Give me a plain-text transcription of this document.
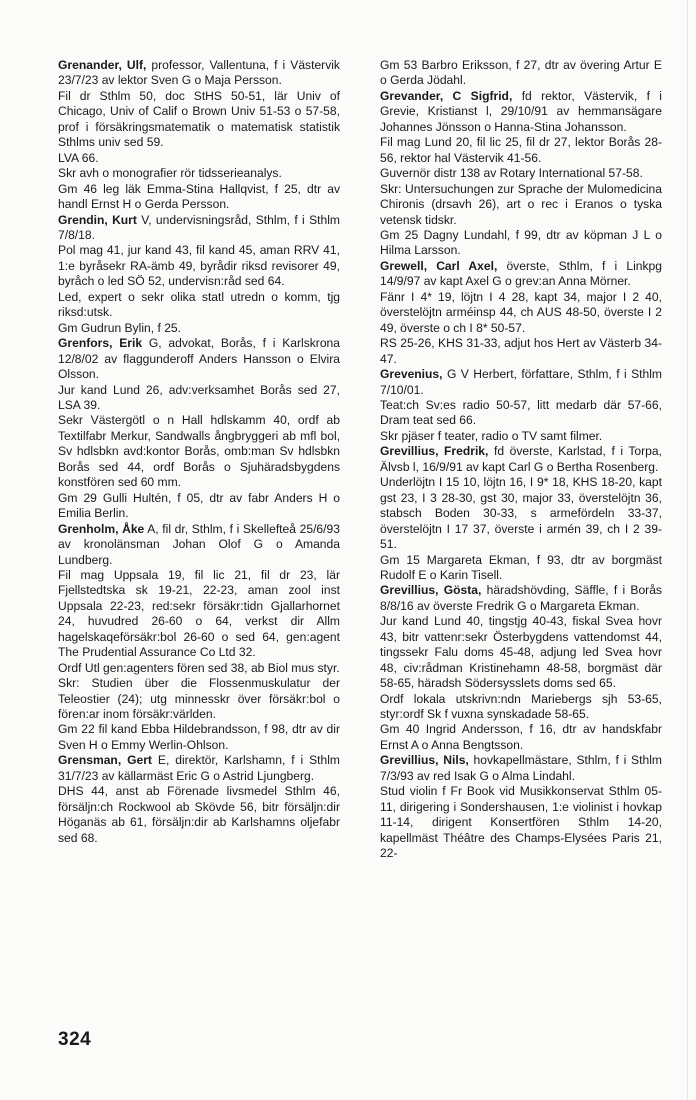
Grenander, Ulf, professor, Vallentuna, f i Västervik 23/7/23 av lektor Sven G o Maja Persson.

Fil dr Sthlm 50, doc StHS 50-51, lär Univ of Chicago, Univ of Calif o Brown Univ 51-53 o 57-58, prof i försäkringsmatematik o matematisk statistik Sthlms univ sed 59.

LVA 66.

Skr avh o monografier rör tidsserieanalys.

Gm 46 leg läk Emma-Stina Hallqvist, f 25, dtr av handl Ernst H o Gerda Persson.

Grendin, Kurt V, undervisningsråd, Sthlm, f i Sthlm 7/8/18.

Pol mag 41, jur kand 43, fil kand 45, aman RRV 41, 1:e byråsekr RA-ämb 49, byrådir riksd revisorer 49, byråch o led SÖ 52, undervisn:råd sed 64.

Led, expert o sekr olika statl utredn o komm, tjg riksd:utsk.

Gm Gudrun Bylin, f 25.

Grenfors, Erik G, advokat, Borås, f i Karlskrona 12/8/02 av flaggunderoff Anders Hansson o Elvira Olsson.

Jur kand Lund 26, adv:verksamhet Borås sed 27, LSA 39.

Sekr Västergötl o n Hall hdlskamm 40, ordf ab Textilfabr Merkur, Sandwalls ångbryggeri ab mfl bol, Sv hdlsbkn avd:kontor Borås, omb:man Sv hdlsbkn Borås sed 44, ordf Borås o Sjuhäradsbygdens konstfören sed 60 mm.

Gm 29 Gulli Hultén, f 05, dtr av fabr Anders H o Emilia Berlin.

Grenholm, Åke A, fil dr, Sthlm, f i Skellefteå 25/6/93 av kronolänsman Johan Olof G o Amanda Lundberg.

Fil mag Uppsala 19, fil lic 21, fil dr 23, lär Fjellstedtska sk 19-21, 22-23, aman zool inst Uppsala 22-23, red:sekr försäkr:tidn Gjallarhornet 24, huvudred 26-60 o 64, verkst dir Allm hagelskaqeförsäkr:bol 26-60 o sed 64, gen:agent The Prudential Assurance Co Ltd 32.

Ordf Utl gen:agenters fören sed 38, ab Biol mus styr.

Skr: Studien über die Flossenmuskulatur der Teleostier (24); utg minnesskr över försäkr:bol o fören:ar inom försäkr:världen.

Gm 22 fil kand Ebba Hildebrandsson, f 98, dtr av dir Sven H o Emmy Werlin-Ohlson.

Grensman, Gert E, direktör, Karlshamn, f i Sthlm 31/7/23 av källarmäst Eric G o Astrid Ljungberg.

DHS 44, anst ab Förenade livsmedel Sthlm 46, försäljn:ch Rockwool ab Skövde 56, bitr försäljn:dir Höganäs ab 61, försäljn:dir ab Karlshamns oljefabr sed 68.

Gm 53 Barbro Eriksson, f 27, dtr av övering Artur E o Gerda Jödahl.

Grevander, C Sigfrid, fd rektor, Västervik, f i Grevie, Kristianst l, 29/10/91 av hemmansägare Johannes Jönsson o Hanna-Stina Johansson.

Fil mag Lund 20, fil lic 25, fil dr 27, lektor Borås 28-56, rektor hal Västervik 41-56.

Guvernör distr 138 av Rotary International 57-58.

Skr: Untersuchungen zur Sprache der Mulomedicina Chironis (drsavh 26), art o rec i Eranos o tyska vetensk tidskr.

Gm 25 Dagny Lundahl, f 99, dtr av köpman J L o Hilma Larsson.

Grewell, Carl Axel, överste, Sthlm, f i Linkpg 14/9/97 av kapt Axel G o grev:an Anna Mörner.

Fänr I 4* 19, löjtn I 4 28, kapt 34, major I 2 40, överstelöjtn arméinsp 44, ch AUS 48-50, överste I 2 49, överste o ch I 8* 50-57.

RS 25-26, KHS 31-33, adjut hos Hert av Västerb 34-47.

Grevenius, G V Herbert, författare, Sthlm, f i Sthlm 7/10/01.

Teat:ch Sv:es radio 50-57, litt medarb där 57-66, Dram teat sed 66.

Skr pjäser f teater, radio o TV samt filmer.

Grevillius, Fredrik, fd överste, Karlstad, f i Torpa, Älvsb l, 16/9/91 av kapt Carl G o Bertha Rosenberg.

Underlöjtn I 15 10, löjtn 16, I 9* 18, KHS 18-20, kapt gst 23, I 3 28-30, gst 30, major 33, överstelöjtn 36, stabsch Boden 30-33, s armefördeln 33-37, överstelöjtn I 17 37, överste i armén 39, ch I 2 39-51.

Gm 15 Margareta Ekman, f 93, dtr av borgmäst Rudolf E o Karin Tisell.

Grevillius, Gösta, häradshövding, Säffle, f i Borås 8/8/16 av överste Fredrik G o Margareta Ekman.

Jur kand Lund 40, tingstjg 40-43, fiskal Svea hovr 43, bitr vattenr:sekr Österbygdens vattendomst 44, tingssekr Falu doms 45-48, adjung led Svea hovr 48, civ:rådman Kristinehamn 48-58, borgmäst där 58-65, häradsh Södersysslets doms sed 65.

Ordf lokala utskrivn:ndn Mariebergs sjh 53-65, styr:ordf Sk f vuxna synskadade 58-65.

Gm 40 Ingrid Andersson, f 16, dtr av handskfabr Ernst A o Anna Bengtsson.

Grevillius, Nils, hovkapellmästare, Sthlm, f i Sthlm 7/3/93 av red Isak G o Alma Lindahl.

Stud violin f Fr Book vid Musikkonservat Sthlm 05-11, dirigering i Sondershausen, 1:e violinist i hovkap 11-14, dirigent Konsertfören Sthlm 14-20, kapellmäst Théâtre des Champs-Elysées Paris 21, 22-

324
